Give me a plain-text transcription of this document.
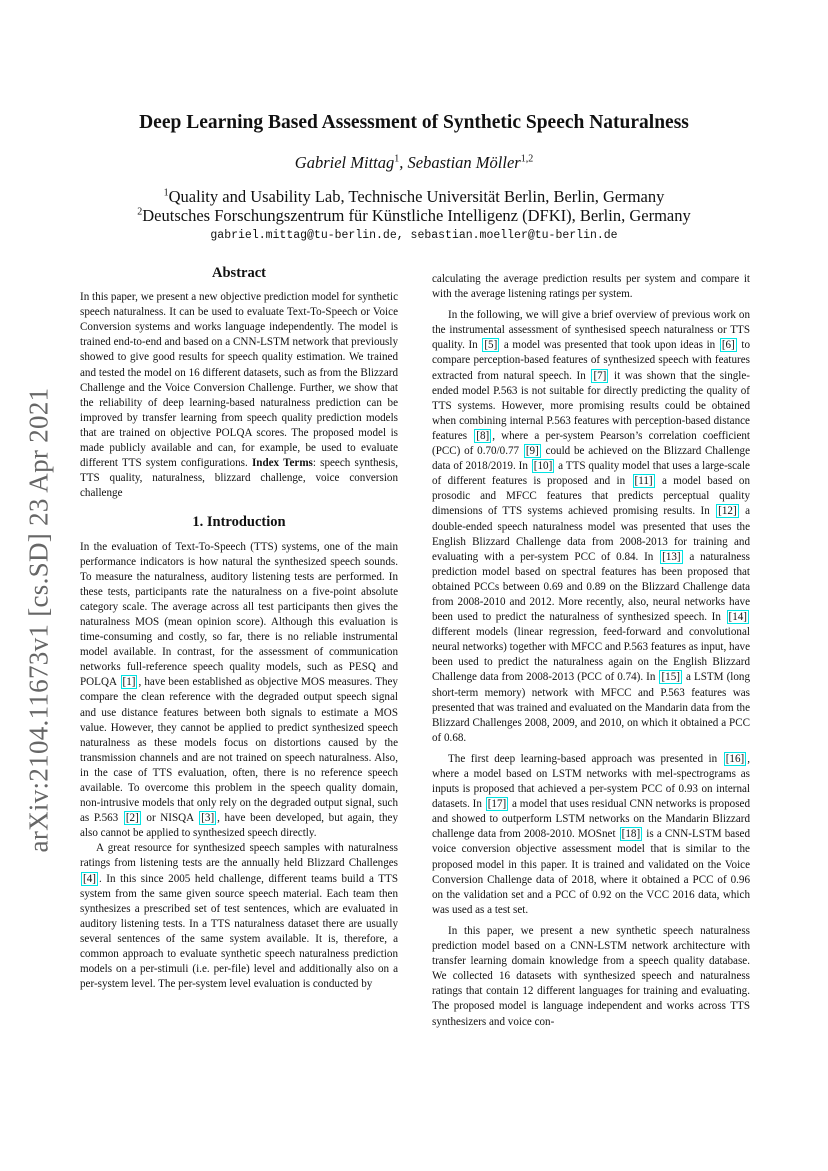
arXiv:2104.11673v1 [cs.SD] 23 Apr 2021
Deep Learning Based Assessment of Synthetic Speech Naturalness
Gabriel Mittag$^1$, Sebastian Möller$^{1,2}$
$^1$Quality and Usability Lab, Technische Universität Berlin, Berlin, Germany
$^2$Deutsches Forschungszentrum für Künstliche Intelligenz (DFKI), Berlin, Germany
gabriel.mittag@tu-berlin.de, sebastian.moeller@tu-berlin.de
Abstract

In this paper, we present a new objective prediction model for synthetic speech naturalness. It can be used to evaluate Text-To-Speech or Voice Conversion systems and works language independently. The model is trained end-to-end and based on a CNN-LSTM network that previously showed to give good results for speech quality estimation. We trained and tested the model on 16 different datasets, such as from the Blizzard Challenge and the Voice Conversion Challenge. Further, we show that the reliability of deep learning-based naturalness prediction can be improved by transfer learning from speech quality prediction models that are trained on objective POLQA scores. The proposed model is made publicly available and can, for example, be used to evaluate different TTS system configurations. Index Terms: speech synthesis, TTS quality, naturalness, blizzard challenge, voice conversion challenge

1. Introduction

In the evaluation of Text-To-Speech (TTS) systems, one of the main performance indicators is how natural the synthesized speech sounds. To measure the naturalness, auditory listening tests are performed. In these tests, participants rate the naturalness on a five-point absolute category scale. The average across all test participants then gives the naturalness MOS (mean opinion score). Although this evaluation is time-consuming and costly, so far, there is no reliable instrumental model available. In contrast, for the assessment of communication networks full-reference speech quality models, such as PESQ and POLQA [1] , have been established as objective MOS measures. They compare the clean reference with the degraded output speech signal and use distance features between both signals to estimate a MOS value. However, they cannot be applied to predict synthesized speech naturalness as these models focus on distortions caused by the transmission channels and are not trained on speech naturalness. Also, in the case of TTS evaluation, often, there is no reference speech available. To overcome this problem in the speech quality domain, non-intrusive models that only rely on the degraded output signal, such as P.563 [2] or NISQA [3] , have been developed, but again, they also cannot be applied to synthesized speech directly.

A great resource for synthesized speech samples with naturalness ratings from listening tests are the annually held Blizzard Challenges [4] . In this since 2005 held challenge, different teams build a TTS system from the same given source speech material. Each team then synthesizes a prescribed set of test sentences, which are evaluated in auditory listening tests. In a TTS naturalness dataset there are usually several sentences of the same system available. It is, therefore, a common approach to evaluate synthetic speech naturalness prediction models on a per-stimuli (i.e. per-file) level and additionally also on a per-system level. The per-system level evaluation is conducted by

calculating the average prediction results per system and compare it with the average listening ratings per system.

In the following, we will give a brief overview of previous work on the instrumental assessment of synthesised speech naturalness or TTS quality. In [5] a model was presented that took upon ideas in [6] to compare perception-based features of synthesized speech with features extracted from natural speech. In [7] it was shown that the single-ended model P.563 is not suitable for directly predicting the quality of TTS systems. However, more promising results could be obtained when combining internal P.563 features with perception-based distance features [8] , where a per-system Pearson’s correlation coefficient (PCC) of 0.70/0.77 [9] could be achieved on the Blizzard Challenge data of 2018/2019. In [10] a TTS quality model that uses a large-scale of different features is proposed and in [11] a model based on prosodic and MFCC features that predicts perceptual quality dimensions of TTS systems achieved promising results. In [12] a double-ended speech naturalness model was presented that uses the English Blizzard Challenge data from 2008-2013 for training and evaluating with a per-system PCC of 0.84. In [13] a naturalness prediction model based on spectral features has been proposed that obtained PCCs between 0.69 and 0.89 on the Blizzard Challenge data from 2008-2010 and 2012. More recently, also, neural networks have been used to predict the naturalness of synthesized speech. In [14] different models (linear regression, feed-forward and convolutional neural networks) together with MFCC and P.563 features as input, have been used to predict the naturalness again on the English Blizzard Challenge data from 2008-2013 (PCC of 0.74). In [15] a LSTM (long short-term memory) network with MFCC and P.563 features was presented that was trained and evaluated on the Mandarin data from the Blizzard Challenges 2008, 2009, and 2010, on which it obtained a PCC of 0.68.

The first deep learning-based approach was presented in [16] , where a model based on LSTM networks with mel-spectrograms as inputs is proposed that achieved a per-system PCC of 0.93 on internal datasets. In [17] a model that uses residual CNN networks is proposed and showed to outperform LSTM networks on the Mandarin Blizzard challenge data from 2008-2010. MOSnet [18] is a CNN-LSTM based voice conversion objective assessment model that is similar to the proposed model in this paper. It is trained and validated on the Voice Conversion Challenge data of 2018, where it obtained a PCC of 0.96 on the validation set and a PCC of 0.92 on the VCC 2016 data, which was used as a test set.

In this paper, we present a new synthetic speech naturalness prediction model based on a CNN-LSTM network architecture with transfer learning domain knowledge from a speech quality database. We collected 16 datasets with synthesized speech and naturalness ratings that contain 12 different languages for training and evaluating. The proposed model is language independent and works across TTS synthesizers and voice con-
